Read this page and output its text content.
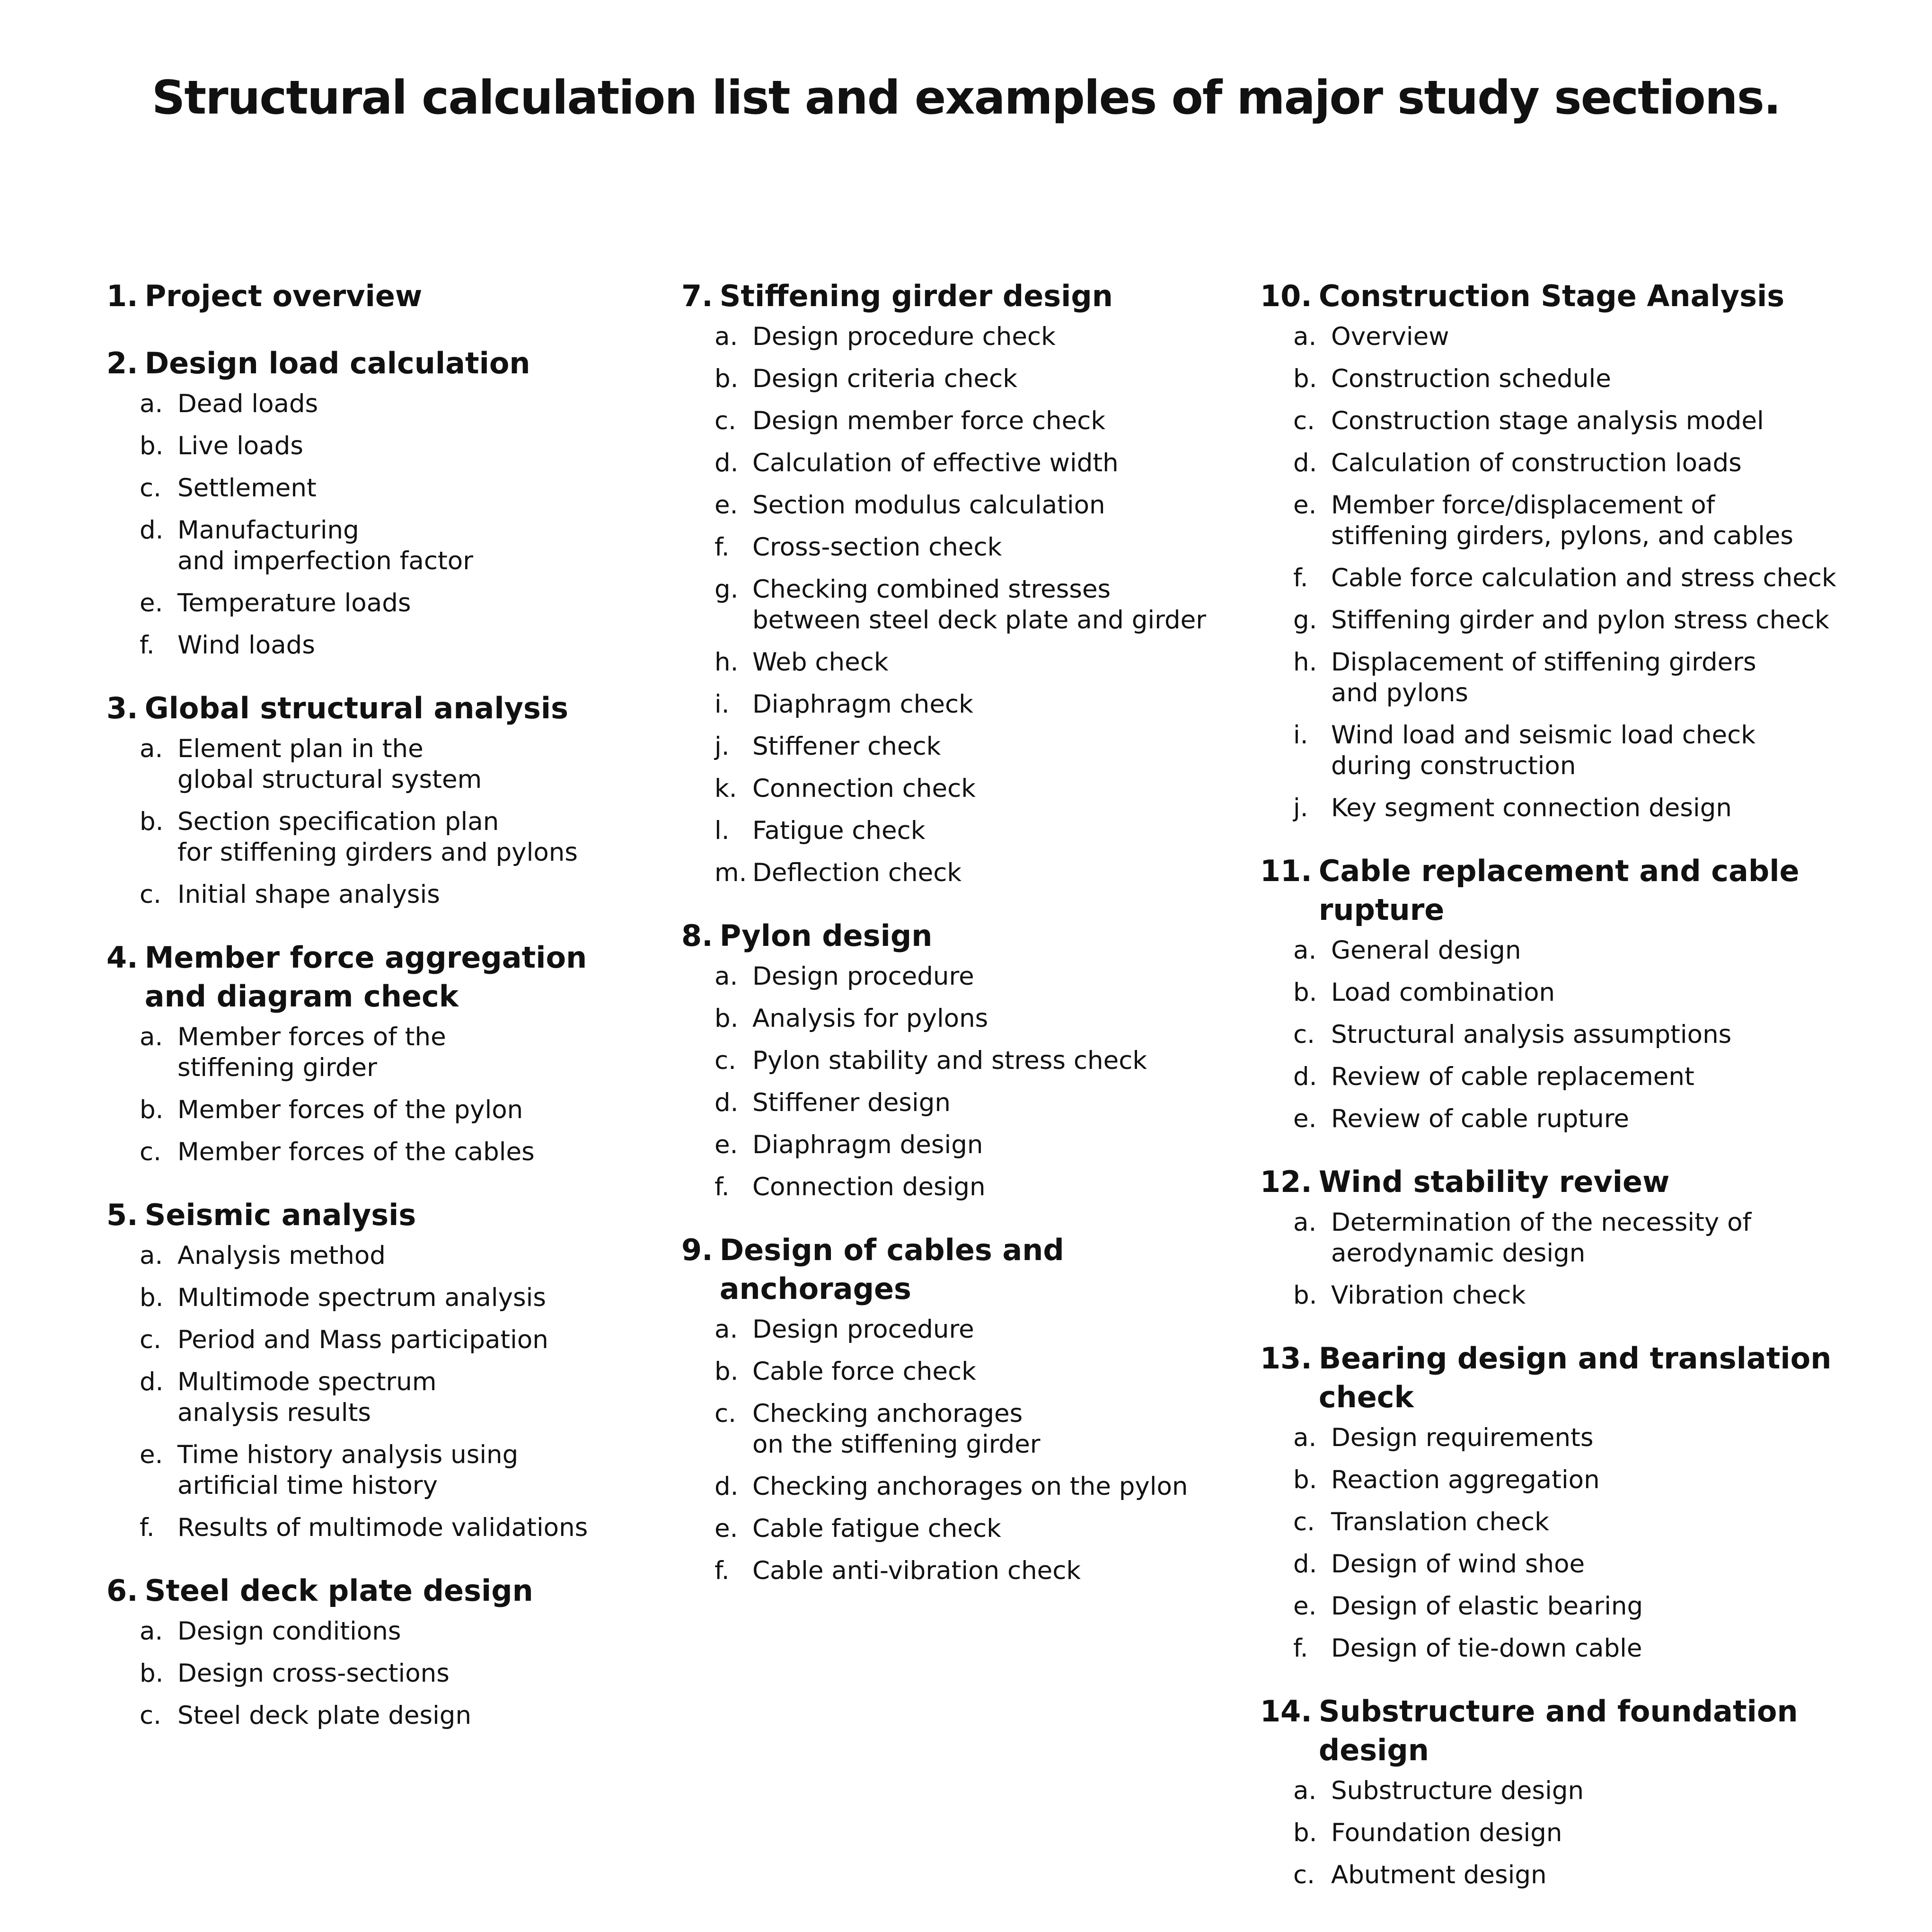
Structural calculation list and examples of major study sections.
1. Project overview
2. Design load calculation
a. Dead loads
b. Live loads
c. Settlement
d. Manufacturing
and imperfection factor
e. Temperature loads
f. Wind loads
3. Global structural analysis
a. Element plan in the
global structural system
b. Section specification plan
for stiffening girders and pylons
c. Initial shape analysis
4. Member force aggregation
and diagram check
a. Member forces of the
stiffening girder
b. Member forces of the pylon
c. Member forces of the cables
5. Seismic analysis
a. Analysis method
b. Multimode spectrum analysis
c. Period and Mass participation
d. Multimode spectrum
analysis results
e. Time history analysis using
artificial time history
f. Results of multimode validations
6. Steel deck plate design
a. Design conditions
b. Design cross-sections
c. Steel deck plate design
7. Stiffening girder design
a. Design procedure check
b. Design criteria check
c. Design member force check
d. Calculation of effective width
e. Section modulus calculation
f. Cross-section check
g. Checking combined stresses
between steel deck plate and girder
h. Web check
i. Diaphragm check
j. Stiffener check
k. Connection check
l. Fatigue check
m. Deflection check
8. Pylon design
a. Design procedure
b. Analysis for pylons
c. Pylon stability and stress check
d. Stiffener design
e. Diaphragm design
f. Connection design
9. Design of cables and anchorages
a. Design procedure
b. Cable force check
c. Checking anchorages
on the stiffening girder
d. Checking anchorages on the pylon
e. Cable fatigue check
f. Cable anti-vibration check
10. Construction Stage Analysis
a. Overview
b. Construction schedule
c. Construction stage analysis model
d. Calculation of construction loads
e. Member force/displacement of
stiffening girders, pylons, and cables
f. Cable force calculation and stress check
g. Stiffening girder and pylon stress check
h. Displacement of stiffening girders
and pylons
i. Wind load and seismic load check
during construction
j. Key segment connection design
11. Cable replacement and cable rupture
a. General design
b. Load combination
c. Structural analysis assumptions
d. Review of cable replacement
e. Review of cable rupture
12. Wind stability review
a. Determination of the necessity of
aerodynamic design
b. Vibration check
13. Bearing design and translation check
a. Design requirements
b. Reaction aggregation
c. Translation check
d. Design of wind shoe
e. Design of elastic bearing
f. Design of tie-down cable
14. Substructure and foundation design
a. Substructure design
b. Foundation design
c. Abutment design
